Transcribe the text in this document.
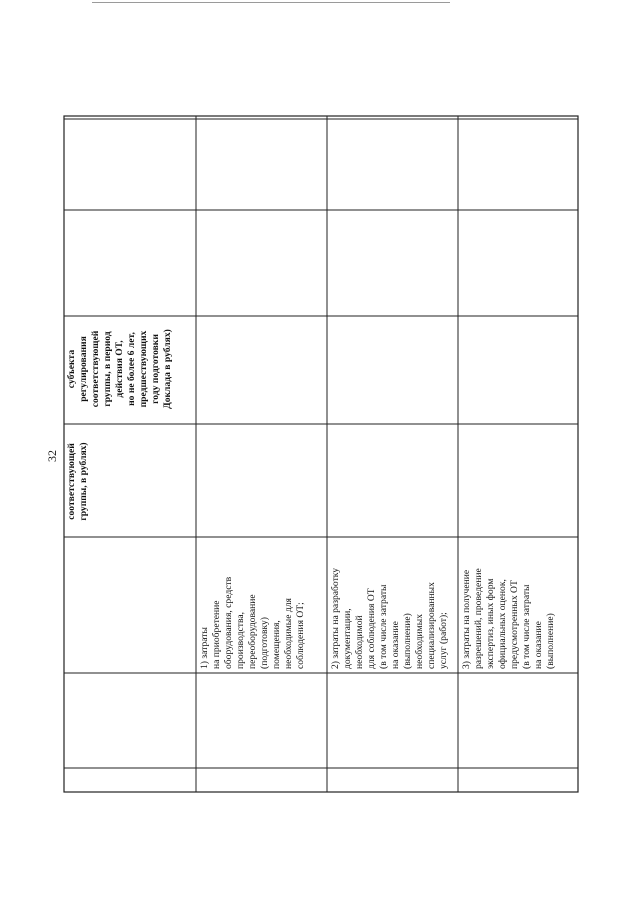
32 соответствующей
группы, в рублях)
субъекта
регулирования
соответствующей
группы, в период
действия ОТ,
но не более 6 лет,
предшествующих
году подготовки
Доклада в рублях)
1) затраты
на приобретение
оборудования, средств
производства,
переоборудование
(подготовку)
помещения,
необходимые для
соблюдения ОТ;
2) затраты на разработку
документации,
необходимой
для соблюдения ОТ
(в том числе затраты
на оказание
(выполнение)
необходимых
специализированных
услуг (работ);
3) затраты на получение
разрешений, проведение
экспертиз, иных форм
официальных оценок,
предусмотренных ОТ
(в том числе затраты
на оказание
(выполнение)
